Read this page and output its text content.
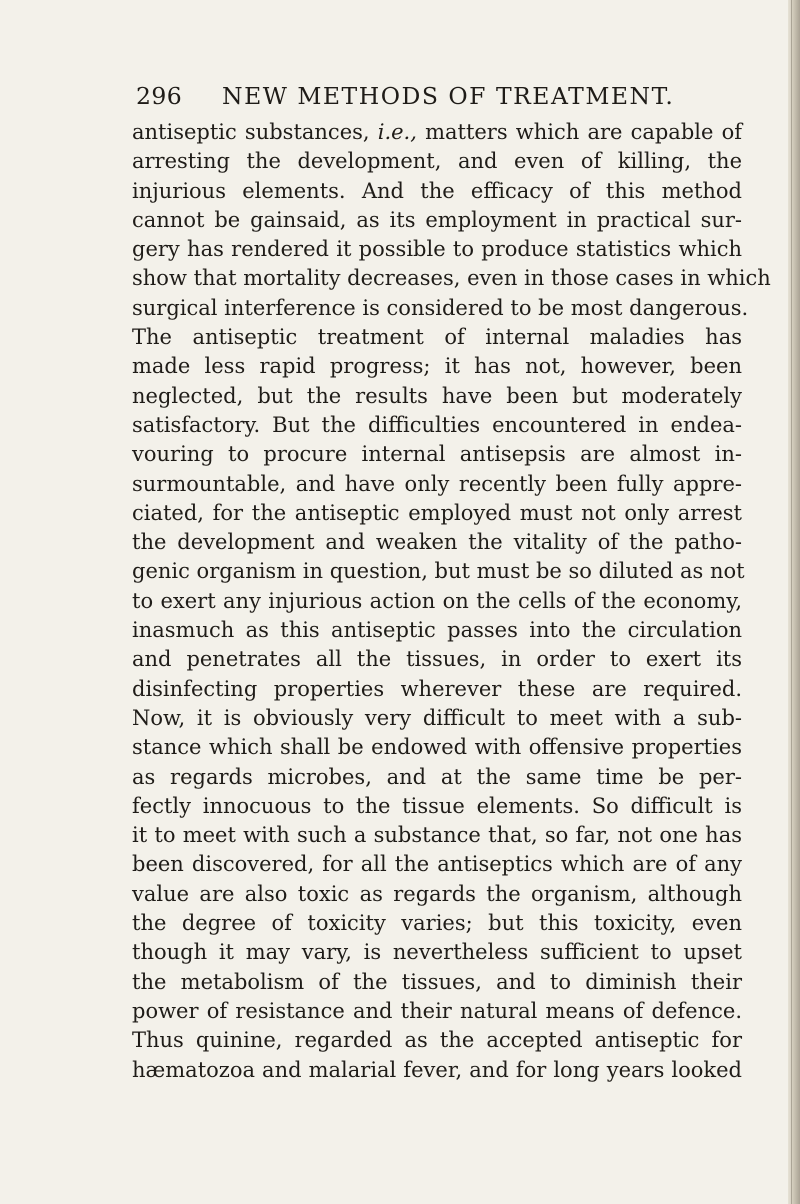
296 NEW METHODS OF TREATMENT.
antiseptic substances, i.e., matters which are capable of
arresting the development, and even of killing, the
injurious elements. And the efficacy of this method
cannot be gainsaid, as its employment in practical sur-
gery has rendered it possible to produce statistics which
show that mortality decreases, even in those cases in which
surgical interference is considered to be most dangerous.
The antiseptic treatment of internal maladies has
made less rapid progress; it has not, however, been
neglected, but the results have been but moderately
satisfactory. But the difficulties encountered in endea-
vouring to procure internal antisepsis are almost in-
surmountable, and have only recently been fully appre-
ciated, for the antiseptic employed must not only arrest
the development and weaken the vitality of the patho-
genic organism in question, but must be so diluted as not
to exert any injurious action on the cells of the economy,
inasmuch as this antiseptic passes into the circulation
and penetrates all the tissues, in order to exert its
disinfecting properties wherever these are required.
Now, it is obviously very difficult to meet with a sub-
stance which shall be endowed with offensive properties
as regards microbes, and at the same time be per-
fectly innocuous to the tissue elements. So difficult is
it to meet with such a substance that, so far, not one has
been discovered, for all the antiseptics which are of any
value are also toxic as regards the organism, although
the degree of toxicity varies; but this toxicity, even
though it may vary, is nevertheless sufficient to upset
the metabolism of the tissues, and to diminish their
power of resistance and their natural means of defence.
Thus quinine, regarded as the accepted antiseptic for
hæmatozoa and malarial fever, and for long years looked
